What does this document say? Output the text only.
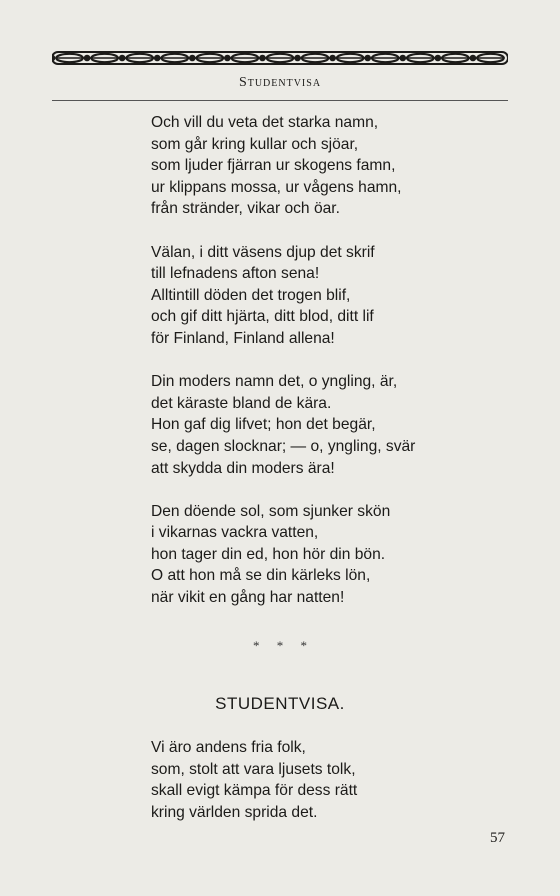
Studentvisa
Och vill du veta det starka namn,
som går kring kullar och sjöar,
som ljuder fjärran ur skogens famn,
ur klippans mossa, ur vågens hamn,
från stränder, vikar och öar.
Välan, i ditt väsens djup det skrif
till lefnadens afton sena!
Alltintill döden det trogen blif,
och gif ditt hjärta, ditt blod, ditt lif
för Finland, Finland allena!
Din moders namn det, o yngling, är,
det käraste bland de kära.
Hon gaf dig lifvet; hon det begär,
se, dagen slocknar; — o, yngling, svär
att skydda din moders ära!
Den döende sol, som sjunker skön
i vikarnas vackra vatten,
hon tager din ed, hon hör din bön.
O att hon må se din kärleks lön,
när vikit en gång har natten!
* * *
STUDENTVISA.
Vi äro andens fria folk,
som, stolt att vara ljusets tolk,
skall evigt kämpa för dess rätt
kring världen sprida det.
57
